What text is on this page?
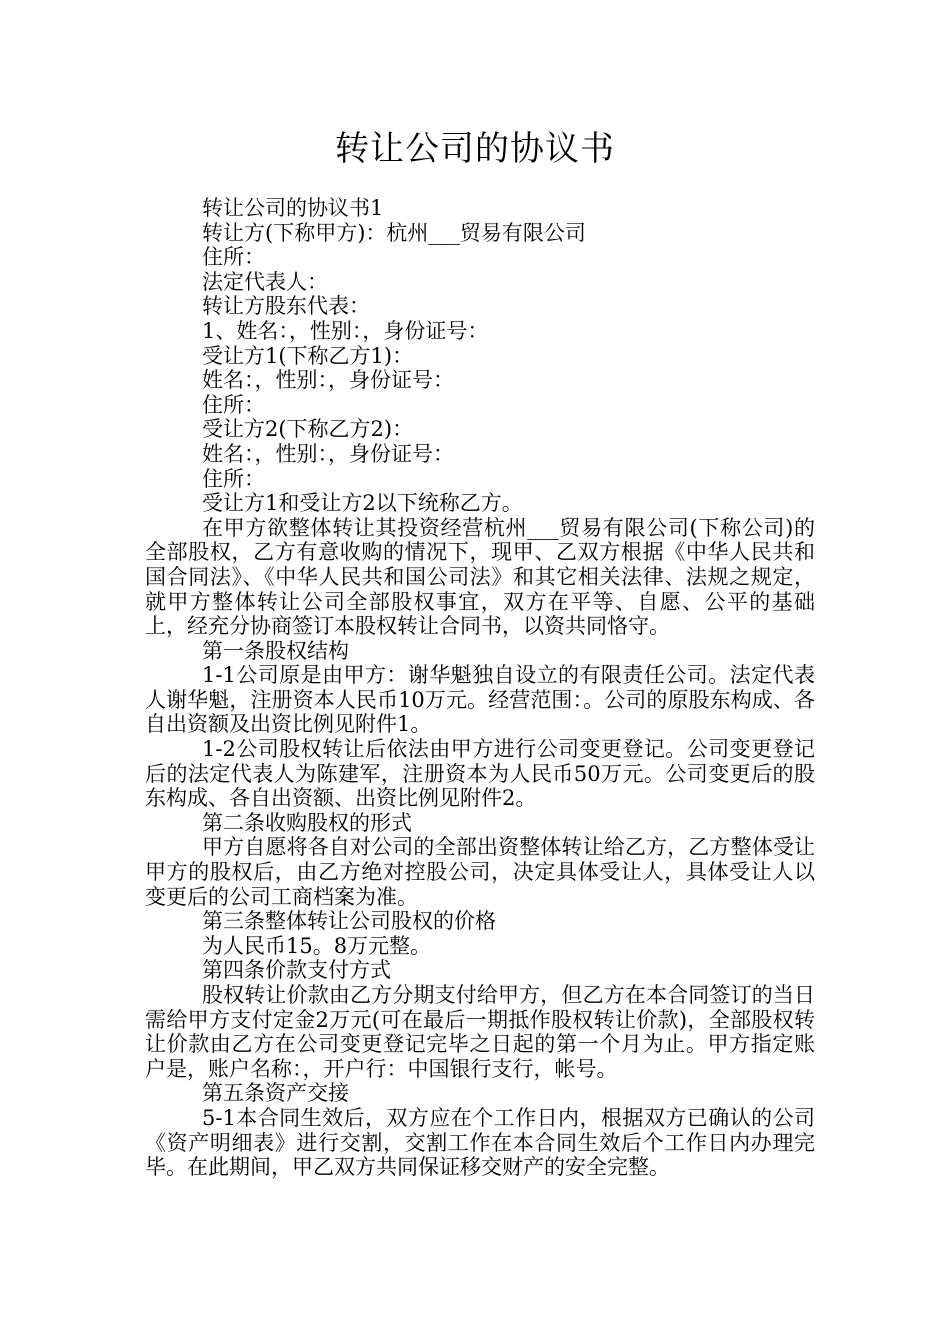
转让公司的协议书

转让公司的协议书1

转让方(下称甲方)：杭州___贸易有限公司

住所：

法定代表人：

转让方股东代表：

1、姓名：，性别：，身份证号：

受让方1(下称乙方1)：

姓名：，性别：，身份证号：

住所：

受让方2(下称乙方2)：

姓名：，性别：，身份证号：

住所：

受让方1和受让方2以下统称乙方。

在甲方欲整体转让其投资经营杭州___贸易有限公司(下称公司)的全部股权，乙方有意收购的情况下，现甲、乙双方根据《中华人民共和国合同法》、《中华人民共和国公司法》和其它相关法律、法规之规定，就甲方整体转让公司全部股权事宜，双方在平等、自愿、公平的基础上，经充分协商签订本股权转让合同书，以资共同恪守。

第一条股权结构

1-1公司原是由甲方：谢华魁独自设立的有限责任公司。法定代表人谢华魁，注册资本人民币10万元。经营范围：。公司的原股东构成、各自出资额及出资比例见附件1。

1-2公司股权转让后依法由甲方进行公司变更登记。公司变更登记后的法定代表人为陈建军，注册资本为人民币50万元。公司变更后的股东构成、各自出资额、出资比例见附件2。

第二条收购股权的形式

甲方自愿将各自对公司的全部出资整体转让给乙方，乙方整体受让甲方的股权后，由乙方绝对控股公司，决定具体受让人，具体受让人以变更后的公司工商档案为准。

第三条整体转让公司股权的价格

为人民币15。8万元整。

第四条价款支付方式

股权转让价款由乙方分期支付给甲方，但乙方在本合同签订的当日需给甲方支付定金2万元(可在最后一期抵作股权转让价款)，全部股权转让价款由乙方在公司变更登记完毕之日起的第一个月为止。甲方指定账户是，账户名称：，开户行：中国银行支行，帐号。

第五条资产交接

5-1本合同生效后，双方应在个工作日内，根据双方已确认的公司《资产明细表》进行交割，交割工作在本合同生效后个工作日内办理完毕。在此期间，甲乙双方共同保证移交财产的安全完整。
